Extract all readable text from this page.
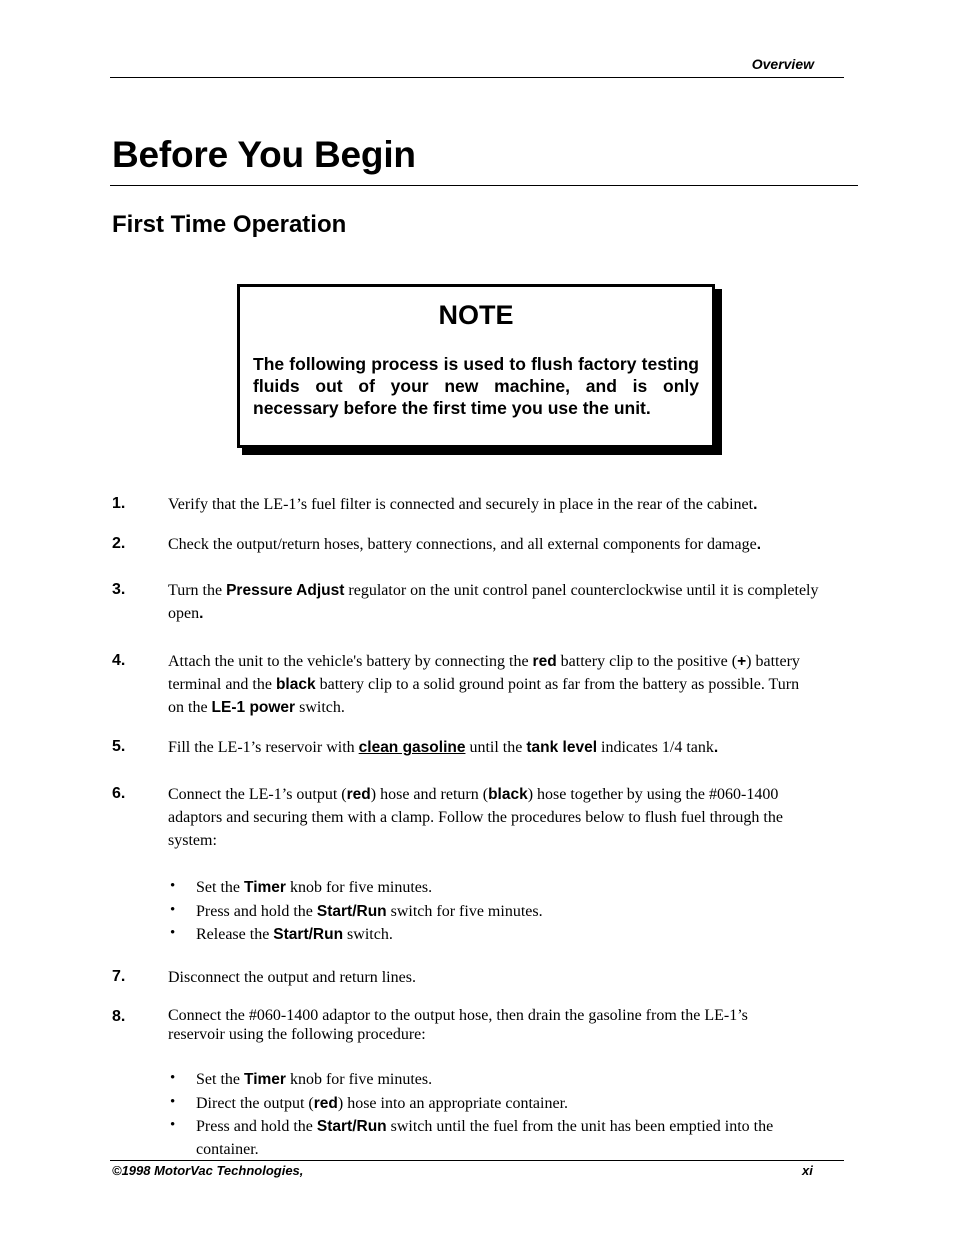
Overview
Before You Begin
First Time Operation
NOTE
The following process is used to flush factory testing fluids out of your new machine, and is only necessary before the first time you use the unit.
1.	Verify that the LE-1’s fuel filter is connected and securely in place in the rear of the cabinet.
2.	Check the output/return hoses, battery connections, and all external components for damage.
3.	Turn the Pressure Adjust regulator on the unit control panel counterclockwise until it is completely open.
4.	Attach the unit to the vehicle's battery by connecting the red battery clip to the positive (+) battery terminal and the black battery clip to a solid ground point as far from the battery as possible. Turn on the LE-1 power switch.
5.	Fill the LE-1’s reservoir with clean gasoline until the tank level indicates 1/4 tank.
6.	Connect the LE-1’s output (red) hose and return (black) hose together by using the #060-1400 adaptors and securing them with a clamp. Follow the procedures below to flush fuel through the system:
• Set the Timer knob for five minutes.
• Press and hold the Start/Run switch for five minutes.
• Release the Start/Run switch.
7.	Disconnect the output and return lines.
8.	Connect the #060-1400 adaptor to the output hose, then drain the gasoline from the LE-1’s reservoir using the following procedure:
• Set the Timer knob for five minutes.
• Direct the output (red) hose into an appropriate container.
• Press and hold the Start/Run switch until the fuel from the unit has been emptied into the container.
©1998 MotorVac Technologies,	xi
